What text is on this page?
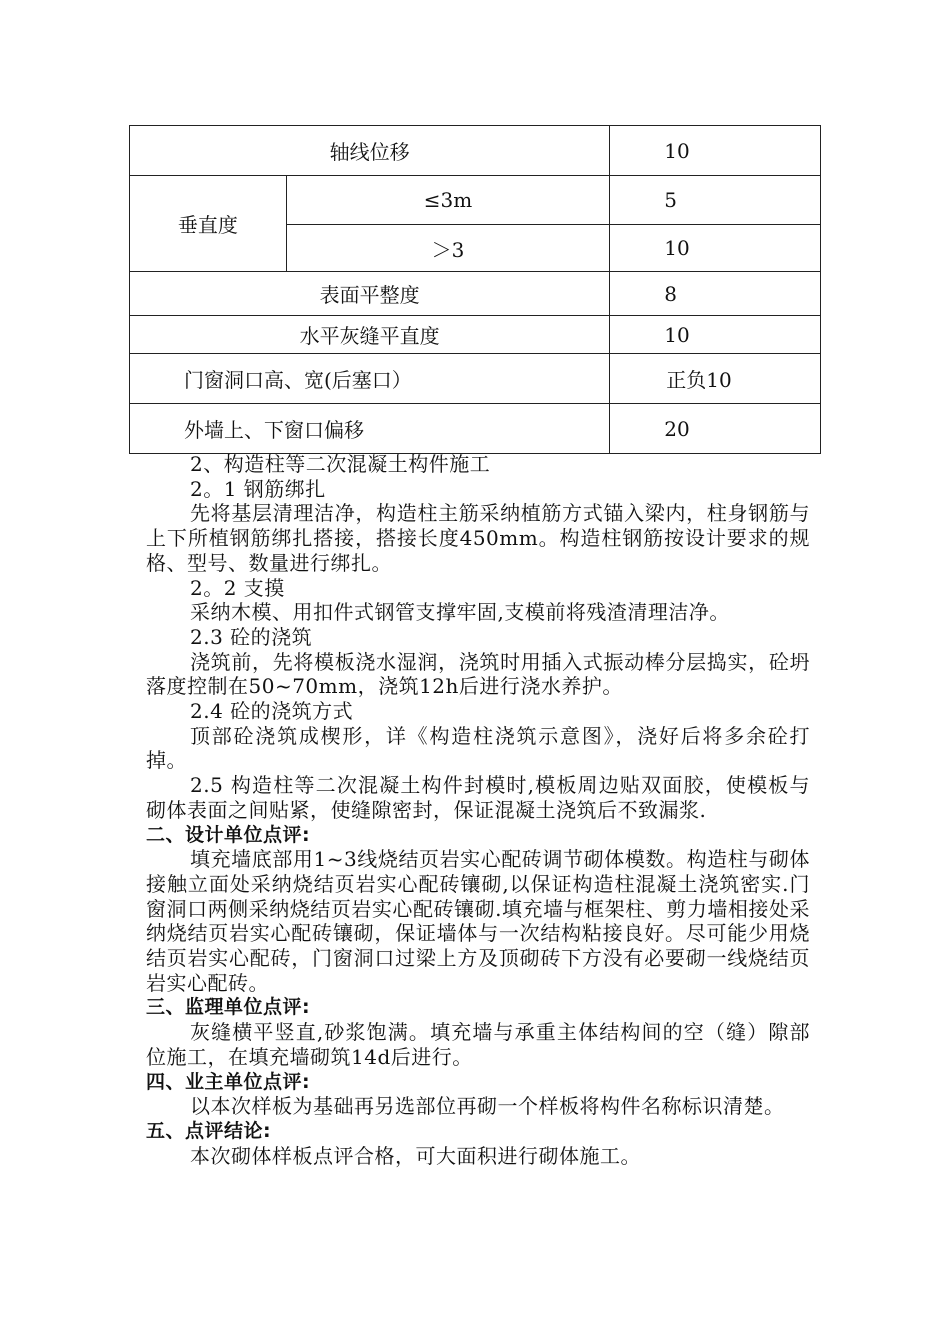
轴线位移		10
垂直度	≤3m	5
	＞3	10
表面平整度		8
水平灰缝平直度		10
门窗洞口高、宽(后塞口）		正负10
外墙上、下窗口偏移		20

2、构造柱等二次混凝土构件施工

2。1 钢筋绑扎

先将基层清理洁净，构造柱主筋采纳植筋方式锚入梁内，柱身钢筋与上下所植钢筋绑扎搭接，搭接长度450mm。构造柱钢筋按设计要求的规格、型号、数量进行绑扎。

2。2 支摸

采纳木模、用扣件式钢管支撑牢固,支模前将残渣清理洁净。

2.3 砼的浇筑

浇筑前，先将模板浇水湿润，浇筑时用插入式振动棒分层捣实，砼坍落度控制在50~70mm，浇筑12h后进行浇水养护。

2.4 砼的浇筑方式

顶部砼浇筑成楔形，详《构造柱浇筑示意图》，浇好后将多余砼打掉。

2.5 构造柱等二次混凝土构件封模时,模板周边贴双面胶，使模板与砌体表面之间贴紧，使缝隙密封，保证混凝土浇筑后不致漏浆.

二、设计单位点评:

填充墙底部用1~3线烧结页岩实心配砖调节砌体模数。构造柱与砌体接触立面处采纳烧结页岩实心配砖镶砌,以保证构造柱混凝土浇筑密实.门窗洞口两侧采纳烧结页岩实心配砖镶砌.填充墙与框架柱、剪力墙相接处采纳烧结页岩实心配砖镶砌，保证墙体与一次结构粘接良好。尽可能少用烧结页岩实心配砖，门窗洞口过梁上方及顶砌砖下方没有必要砌一线烧结页岩实心配砖。

三、监理单位点评:

灰缝横平竖直,砂浆饱满。填充墙与承重主体结构间的空（缝）隙部位施工，在填充墙砌筑14d后进行。

四、业主单位点评:

以本次样板为基础再另选部位再砌一个样板将构件名称标识清楚。

五、点评结论:

本次砌体样板点评合格，可大面积进行砌体施工。
